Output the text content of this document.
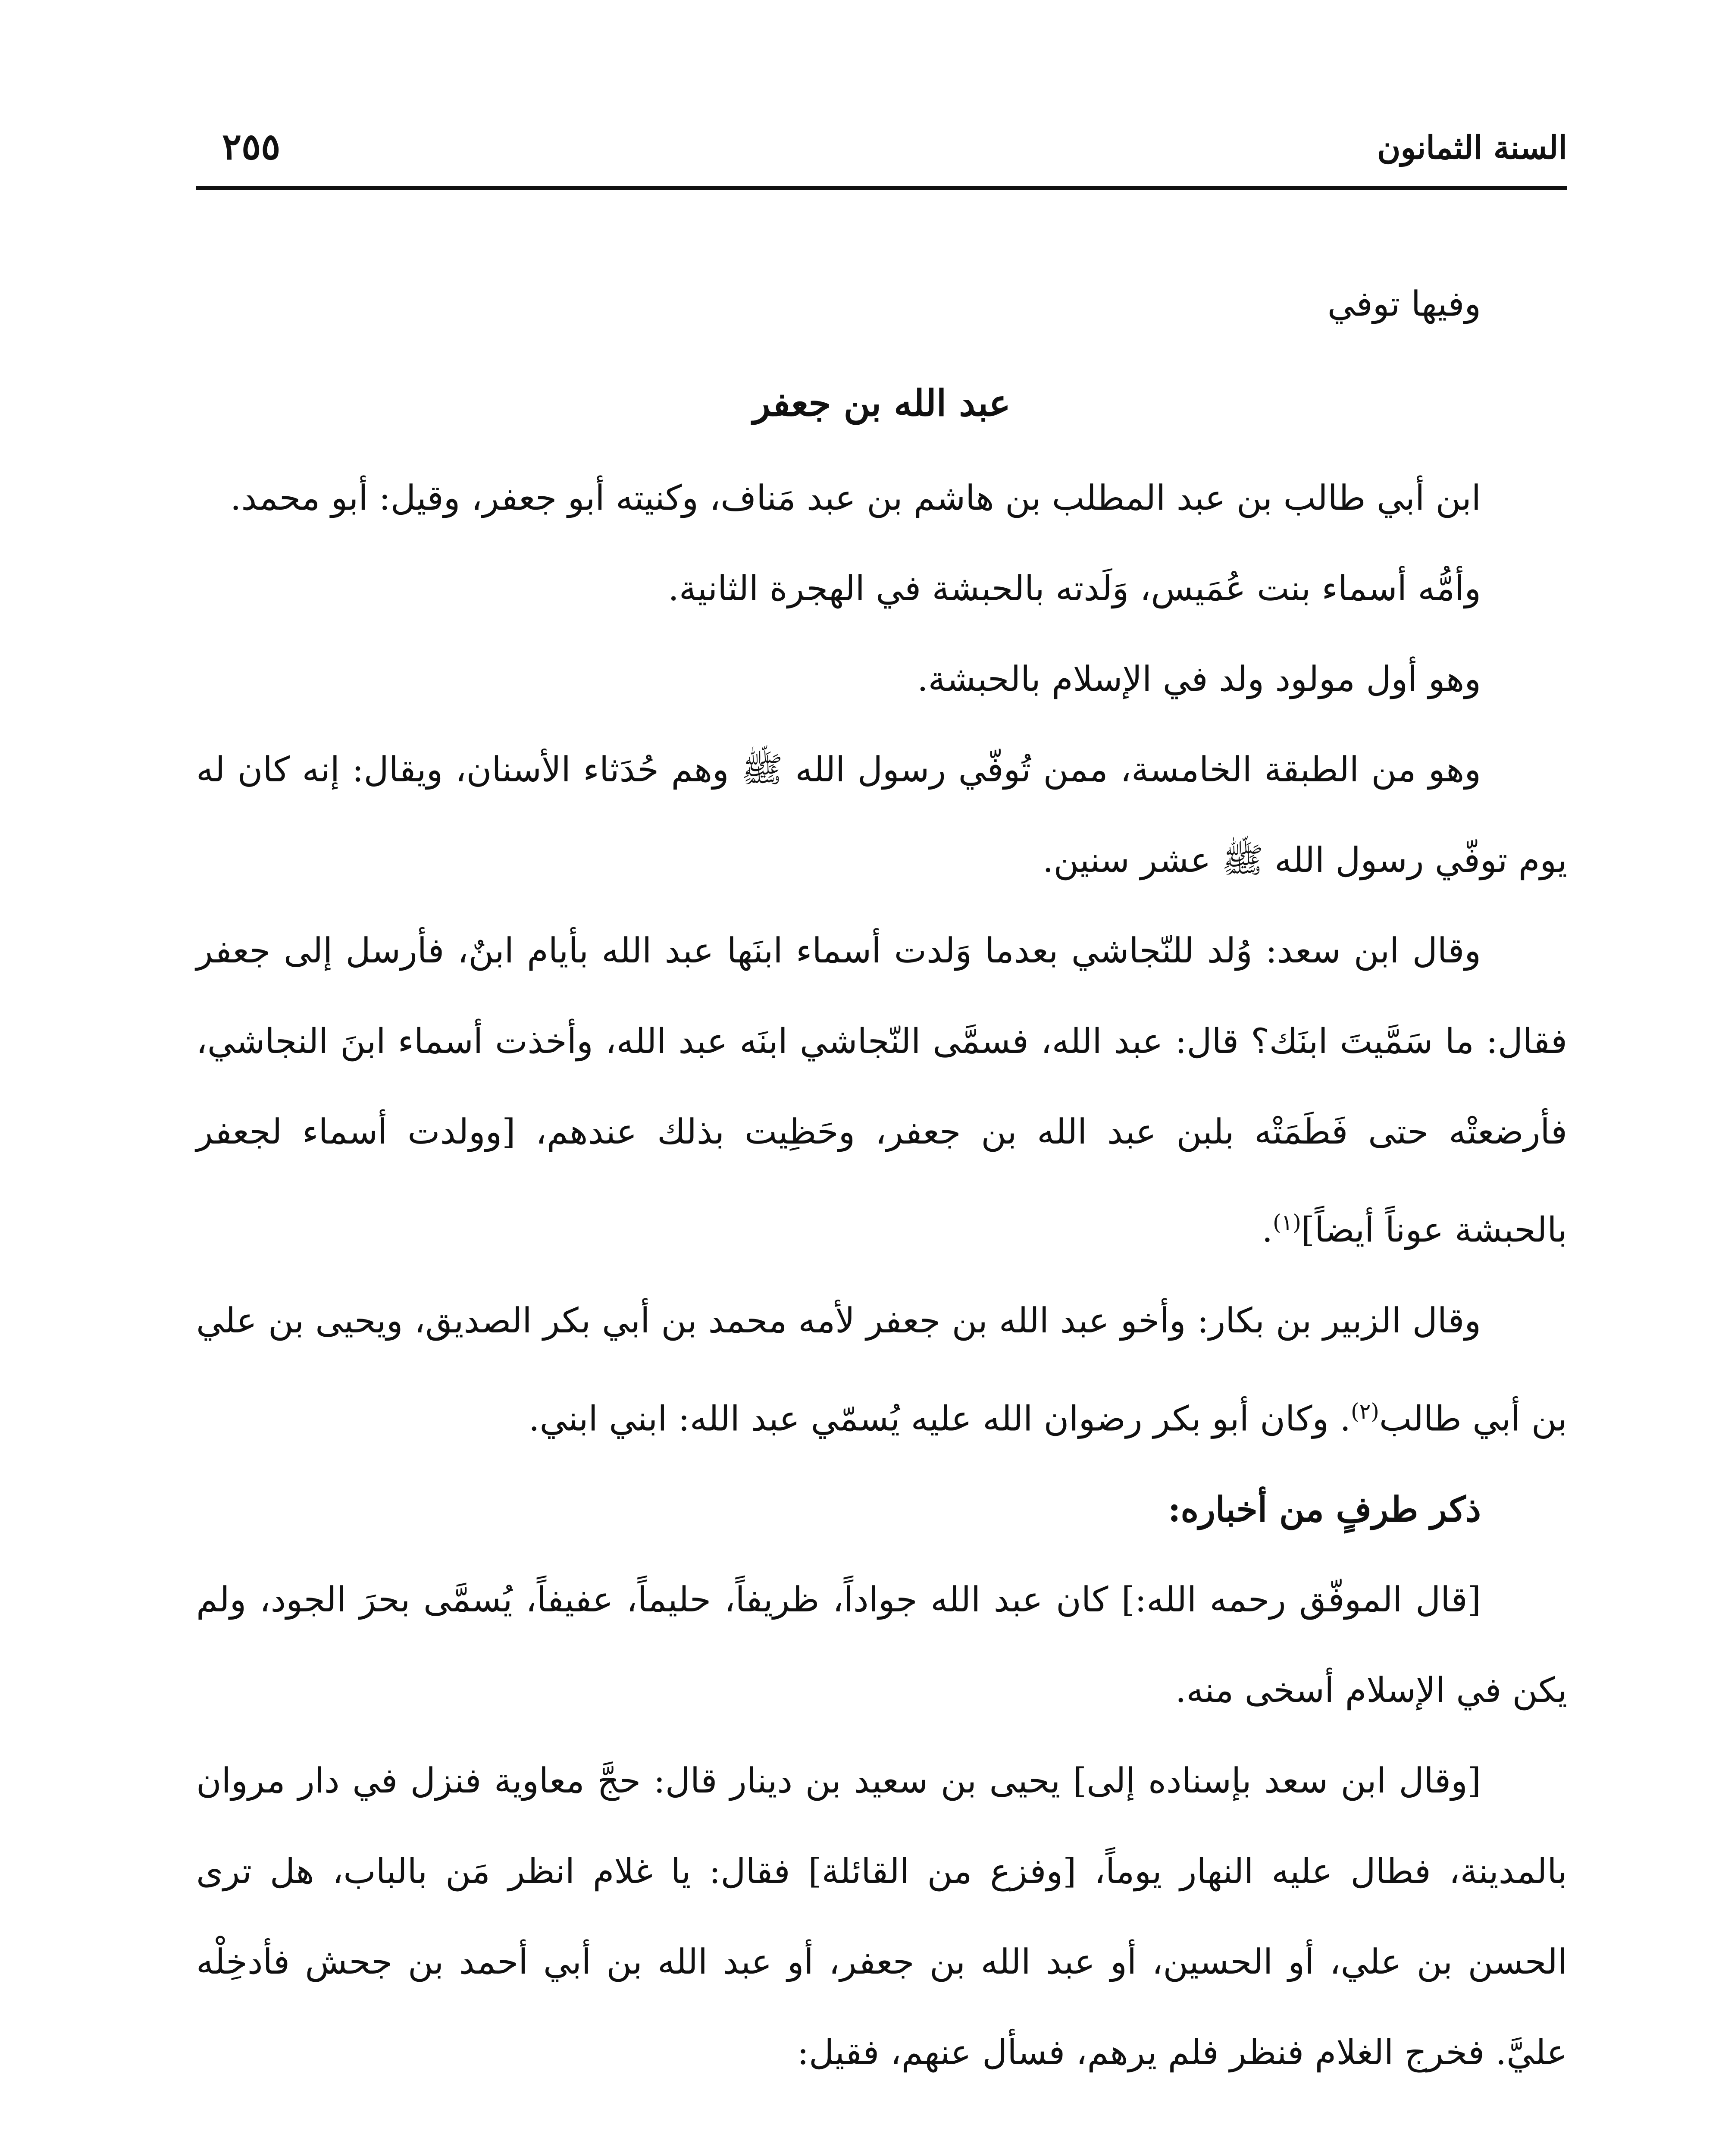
السنة الثمانون
٢٥٥

وفيها توفي

عبد الله بن جعفر

ابن أبي طالب بن عبد المطلب بن هاشم بن عبد مَناف، وكنيته أبو جعفر، وقيل: أبو محمد.

وأمُّه أسماء بنت عُمَيس، وَلَدته بالحبشة في الهجرة الثانية.

وهو أول مولود ولد في الإسلام بالحبشة.

وهو من الطبقة الخامسة، ممن تُوفّي رسول الله ﷺ وهم حُدَثاء الأسنان، ويقال: إنه كان له يوم توفّي رسول الله ﷺ عشر سنين.

وقال ابن سعد: وُلد للنّجاشي بعدما وَلدت أسماء ابنَها عبد الله بأيام ابنٌ، فأرسل إلى جعفر فقال: ما سَمَّيتَ ابنَك؟ قال: عبد الله، فسمَّى النّجاشي ابنَه عبد الله، وأخذت أسماء ابنَ النجاشي، فأرضعتْه حتى فَطَمَتْه بلبن عبد الله بن جعفر، وحَظِيت بذلك عندهم، [وولدت أسماء لجعفر بالحبشة عوناً أيضاً]$^{(١)}$.

وقال الزبير بن بكار: وأخو عبد الله بن جعفر لأمه محمد بن أبي بكر الصديق، ويحيى بن علي بن أبي طالب$^{(٢)}$. وكان أبو بكر رضوان الله عليه يُسمّي عبد الله: ابني ابني.

ذكر طرفٍ من أخباره:

[قال الموفّق رحمه الله:] كان عبد الله جواداً، ظريفاً، حليماً، عفيفاً، يُسمَّى بحرَ الجود، ولم يكن في الإسلام أسخى منه.

[وقال ابن سعد بإسناده إلى] يحيى بن سعيد بن دينار قال: حجَّ معاوية فنزل في دار مروان بالمدينة، فطال عليه النهار يوماً، [وفزع من القائلة] فقال: يا غلام انظر مَن بالباب، هل ترى الحسن بن علي، أو الحسين، أو عبد الله بن جعفر، أو عبد الله بن أبي أحمد بن جحش فأدخِلْه عليَّ. فخرج الغلام فنظر فلم يرهم، فسأل عنهم، فقيل:
